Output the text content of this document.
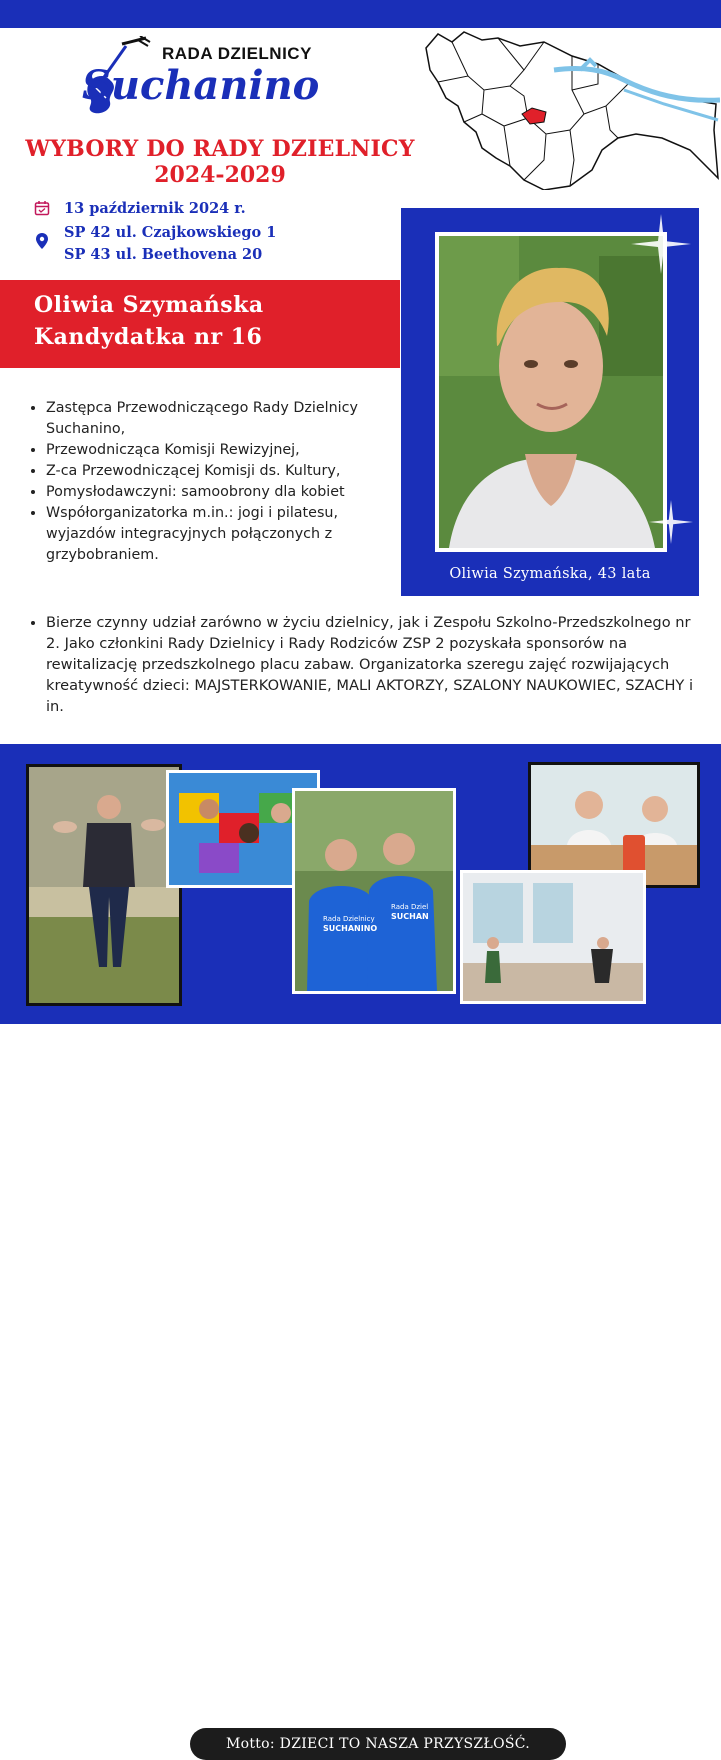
RADA DZIELNICY
Suchanino
WYBORY DO RADY DZIELNICY
2024-2029
13 październik 2024 r.
SP 42 ul. Czajkowskiego 1
SP 43 ul. Beethovena 20
Oliwia Szymańska
Kandydatka nr 16
Oliwia Szymańska, 43 lata
• Zastępca Przewodniczącego Rady Dzielnicy Suchanino,
• Przewodnicząca Komisji Rewizyjnej,
• Z-ca Przewodniczącej Komisji ds. Kultury,
• Pomysłodawczyni: samoobrony dla kobiet
• Współorganizatorka m.in.: jogi i pilatesu, wyjazdów integracyjnych połączonych z grzybobraniem.
• Bierze czynny udział zarówno w życiu dzielnicy, jak i Zespołu Szkolno-Przedszkolnego nr 2. Jako członkini Rady Dzielnicy i Rady Rodziców ZSP 2 pozyskała sponsorów na rewitalizację przedszkolnego placu zabaw. Organizatorka szeregu zajęć rozwijających kreatywność dzieci: MAJSTERKOWANIE, MALI AKTORZY, SZALONY NAUKOWIEC, SZACHY i in.
Rada Dzielnicy
SUCHANINO
Rada Dziel
SUCHAN
Motto: DZIECI TO NASZA PRZYSZŁOŚĆ.
